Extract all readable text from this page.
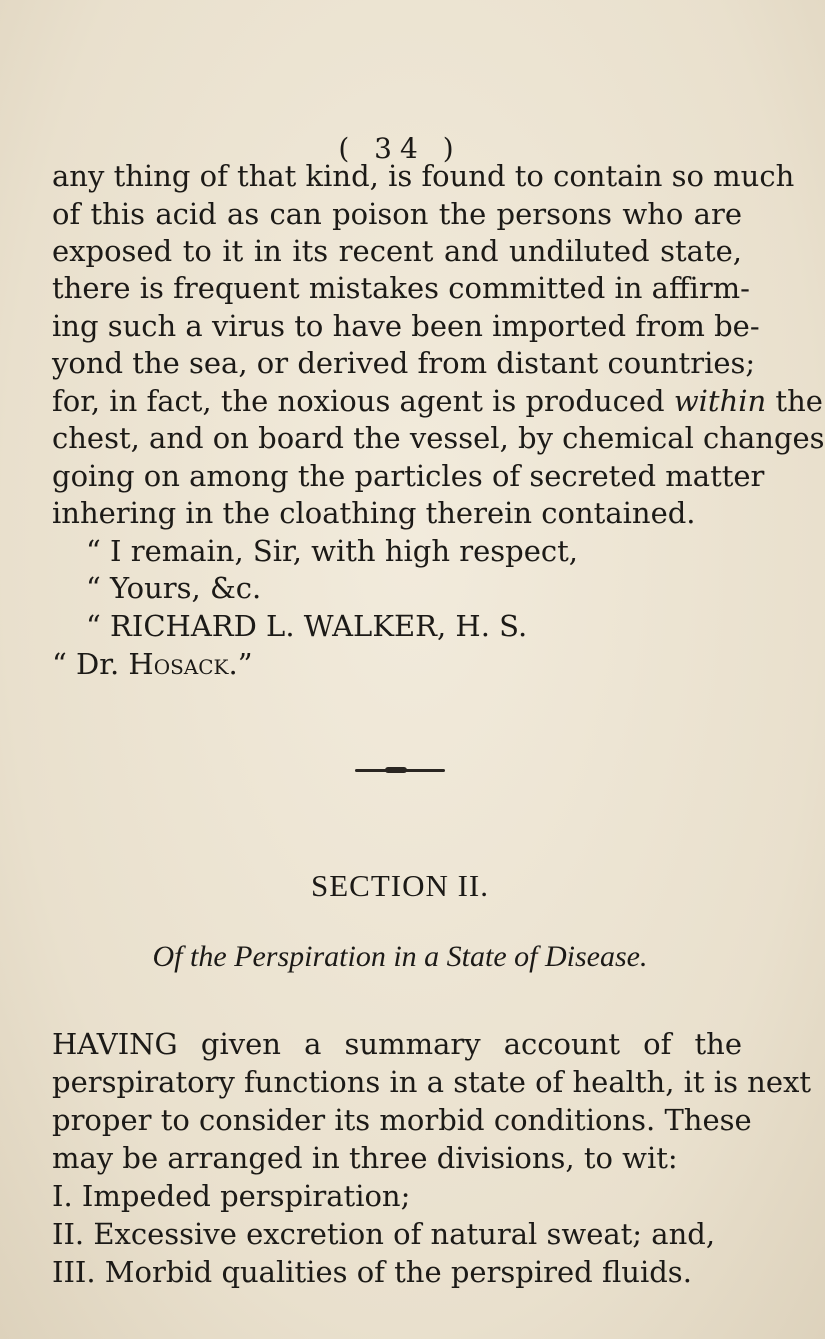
( 34 )
any thing of that kind, is found to contain so much
of this acid as can poison the persons who are
exposed to it in its recent and undiluted state,
there is frequent mistakes committed in affirm-
ing such a virus to have been imported from be-
yond the sea, or derived from distant countries;
for, in fact, the noxious agent is produced within the
chest, and on board the vessel, by chemical changes
going on among the particles of secreted matter
inhering in the cloathing therein contained.
“ I remain, Sir, with high respect,
“ Yours, &c.
“ RICHARD L. WALKER, H. S.
“ Dr. Hosack.”
SECTION II.
Of the Perspiration in a State of Disease.
HAVING given a summary account of the
perspiratory functions in a state of health, it is next
proper to consider its morbid conditions. These
may be arranged in three divisions, to wit:
I. Impeded perspiration;
II. Excessive excretion of natural sweat; and,
III. Morbid qualities of the perspired fluids.
